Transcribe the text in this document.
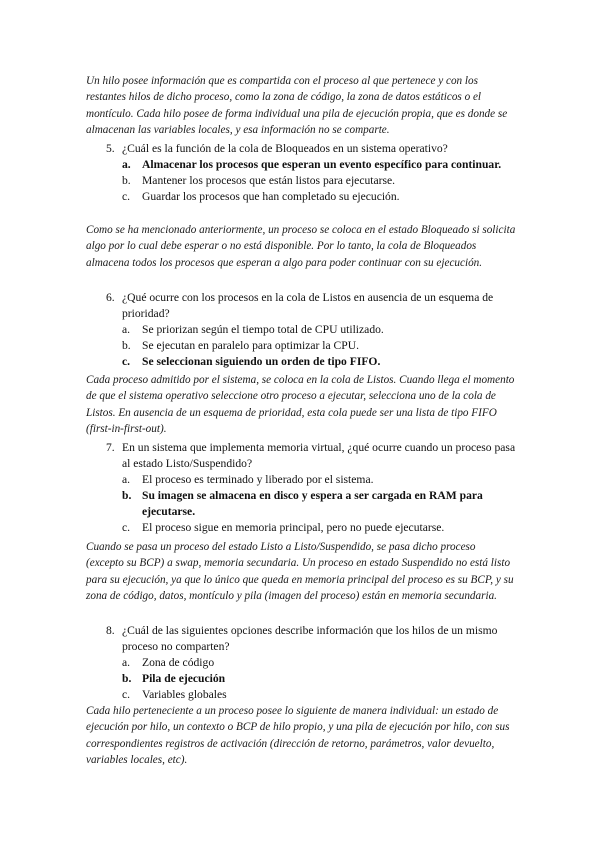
Un hilo posee información que es compartida con el proceso al que pertenece y con los restantes hilos de dicho proceso, como la zona de código, la zona de datos estáticos o el montículo. Cada hilo posee de forma individual una pila de ejecución propia, que es donde se almacenan las variables locales, y esa información no se comparte.

5. ¿Cuál es la función de la cola de Bloqueados en un sistema operativo?
a. Almacenar los procesos que esperan un evento específico para continuar.
b. Mantener los procesos que están listos para ejecutarse.
c. Guardar los procesos que han completado su ejecución.

Como se ha mencionado anteriormente, un proceso se coloca en el estado Bloqueado si solicita algo por lo cual debe esperar o no está disponible. Por lo tanto, la cola de Bloqueados almacena todos los procesos que esperan a algo para poder continuar con su ejecución.

6. ¿Qué ocurre con los procesos en la cola de Listos en ausencia de un esquema de prioridad?
a. Se priorizan según el tiempo total de CPU utilizado.
b. Se ejecutan en paralelo para optimizar la CPU.
c. Se seleccionan siguiendo un orden de tipo FIFO.

Cada proceso admitido por el sistema, se coloca en la cola de Listos. Cuando llega el momento de que el sistema operativo seleccione otro proceso a ejecutar, selecciona uno de la cola de Listos. En ausencia de un esquema de prioridad, esta cola puede ser una lista de tipo FIFO (first-in-first-out).

7. En un sistema que implementa memoria virtual, ¿qué ocurre cuando un proceso pasa al estado Listo/Suspendido?
a. El proceso es terminado y liberado por el sistema.
b. Su imagen se almacena en disco y espera a ser cargada en RAM para ejecutarse.
c. El proceso sigue en memoria principal, pero no puede ejecutarse.

Cuando se pasa un proceso del estado Listo a Listo/Suspendido, se pasa dicho proceso (excepto su BCP) a swap, memoria secundaria. Un proceso en estado Suspendido no está listo para su ejecución, ya que lo único que queda en memoria principal del proceso es su BCP, y su zona de código, datos, montículo y pila (imagen del proceso) están en memoria secundaria.

8. ¿Cuál de las siguientes opciones describe información que los hilos de un mismo proceso no comparten?
a. Zona de código
b. Pila de ejecución
c. Variables globales

Cada hilo perteneciente a un proceso posee lo siguiente de manera individual: un estado de ejecución por hilo, un contexto o BCP de hilo propio, y una pila de ejecución por hilo, con sus correspondientes registros de activación (dirección de retorno, parámetros, valor devuelto, variables locales, etc).
